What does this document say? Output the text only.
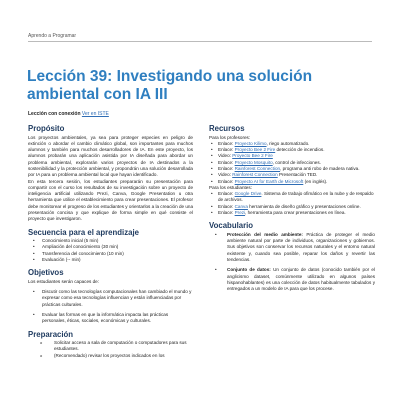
Aprendo a Programar
Lección 39: Investigando una solución ambiental con IA III
Lección con conexión Ver en ISTE
Propósito

Los proyectos ambientales, ya sea para proteger especies en peligro de extinción o abordar el cambio climático global, son importantes para muchos alumnos y también para muchos desarrolladores de IA. En este proyecto, los alumnos probarán una aplicación asistida por IA diseñada para abordar un problema ambiental, explorarán varios proyectos de IA destinados a la sostenibilidad y la protección ambiental, y propondrán una solución desarrollada por IA para un problema ambiental local que hayan identificado.

En esta tercera sesión, los estudiantes prepararán su presentación para compartir con el curso los resultados de su investigación sobre un proyecto de inteligencia artificial utilizando Prezi, Canva, Google Presentation u otra herramienta que utilice el establecimiento para crear presentaciones. El profesor debe monitorear el progreso de los estudiantes y orientarlos a la creación de una presentación concisa y que explique de forma simple en qué consiste el proyecto que investigaron.

Secuencia para el aprendizaje
• Conocimiento inicial (5 min)
• Ampliación del conocimiento (30 min)
• Transferencia del conocimiento (10 min)
• Evaluación (-- min)
Objetivos

Los estudiantes serán capaces de:

• Discutir como las tecnologías computacionales han cambiado el mundo y expresar como esa tecnologías influencian y están influenciadas por prácticas culturales.
• Evaluar las formas en que la informática impacta las prácticas personales, éticas, sociales, económicas y culturales.
Preparación
o Solicitar acceso a sala de computación o computadores para sus estudiantes.
o (Recomendado) revisar los proyectos indicados en los
Recursos

Para los profesores:

• Enlace: Proyecto Kilimo, riego automatizado.
• Enlace: Proyecto Bee 2 Fire detección de incendios.
• Video: Proyecto Bee 2 Fire
• Enlace: Proyecto Mosquito, control de infecciones.
• Enlace: Rainforest Connection, programa anti robo de madera nativa.
• Video: Rainforest Connection Presentación TED.
• Enlace: Proyecto AI for Earth de Microsoft (en inglés).

Para los estudiantes:

• Enlace: Google Drive. Sistema de trabajo ofimático en la nube y de respaldo de archivos.
• Enlace: Canva herramienta de diseño gráfico y presentaciones online.
• Enlace: Prezi, herramienta para crear presentaciones en línea.
Vocabulario
• Protección del medio ambiente: Práctica de proteger el medio ambiente natural por parte de individuos, organizaciones y gobiernos. Sus objetivos son conservar los recursos naturales y el entorno natural existente y, cuando sea posible, reparar los daños y revertir las tendencias.
• Conjunto de datos: Un conjunto de datos (conocido también por el anglicismo dataset, comúnmente utilizado en algunos países hispanohablantes) es una colección de datos habitualmente tabulados y entregados a un modelo de IA para que los procese.
